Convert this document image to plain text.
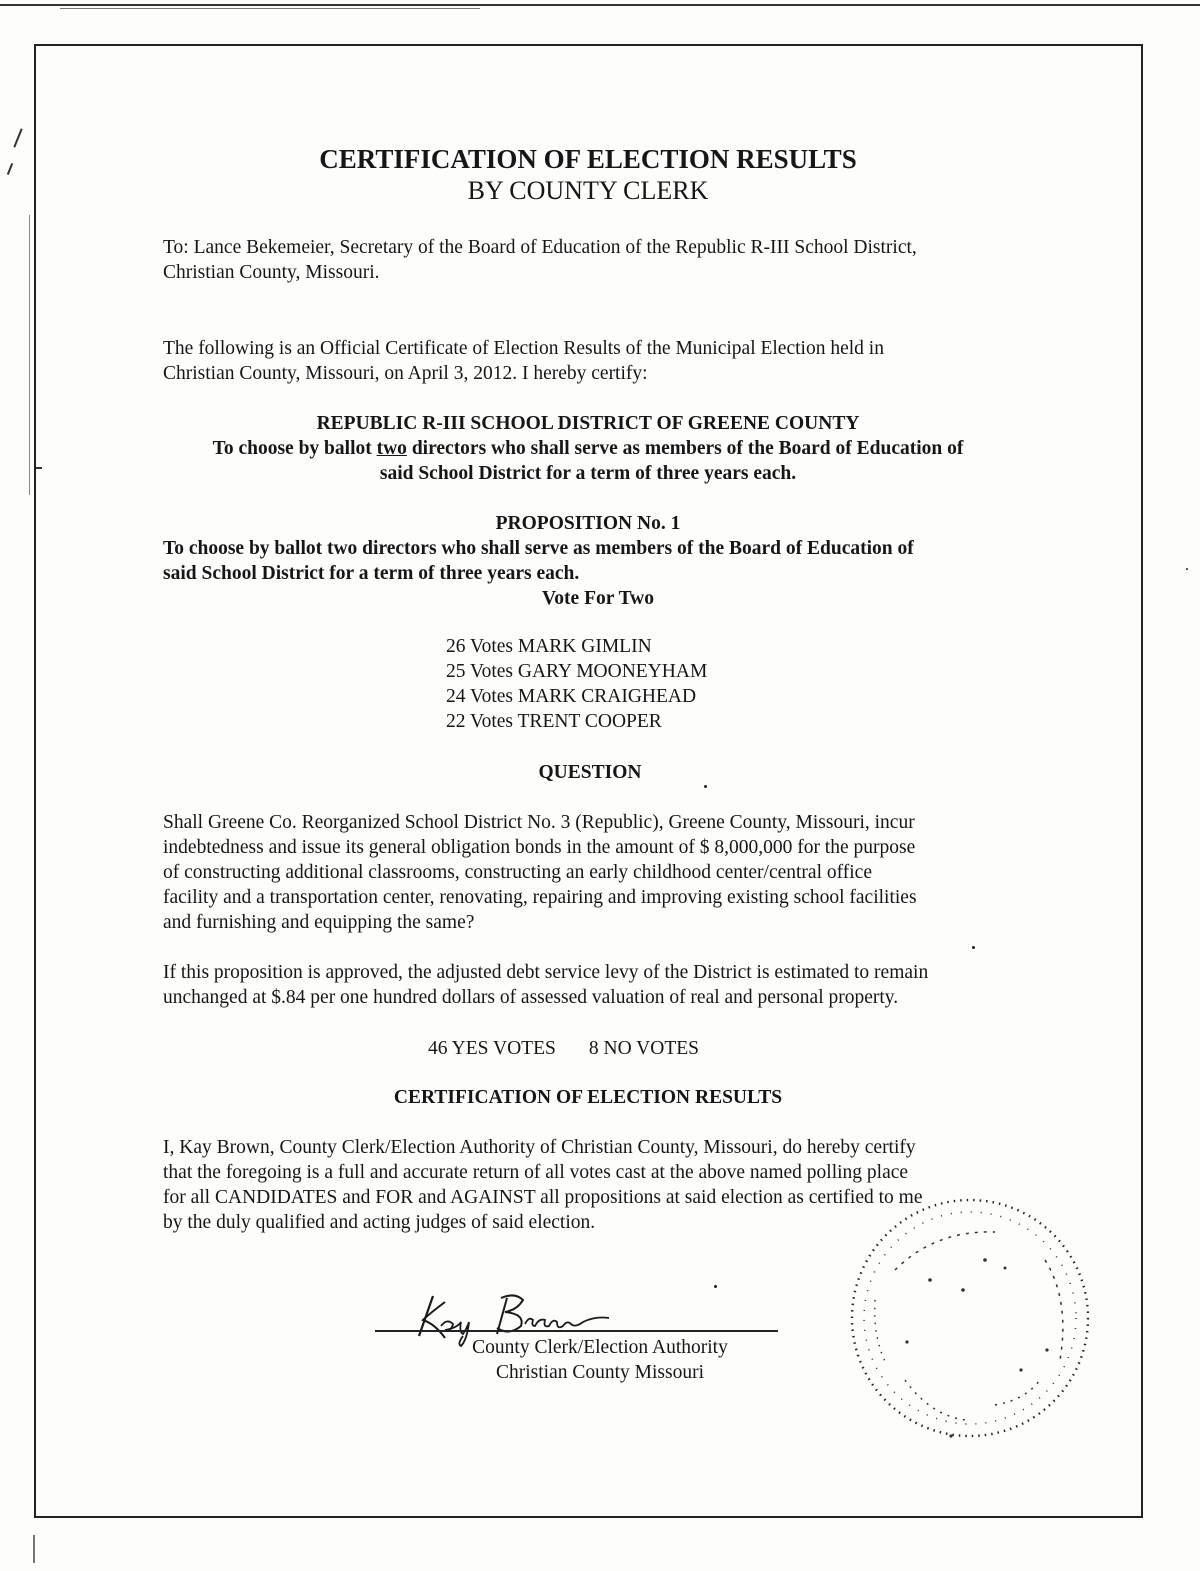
CERTIFICATION OF ELECTION RESULTS
BY COUNTY CLERK

To: Lance Bekemeier, Secretary of the Board of Education of the Republic R-III School District,

Christian County, Missouri.

The following is an Official Certificate of Election Results of the Municipal Election held in

Christian County, Missouri, on April 3, 2012. I hereby certify:

REPUBLIC R-III SCHOOL DISTRICT OF GREENE COUNTY

To choose by ballot two directors who shall serve as members of the Board of Education of

said School District for a term of three years each.

PROPOSITION No. 1

To choose by ballot two directors who shall serve as members of the Board of Education of

said School District for a term of three years each.

Vote For Two

26 Votes MARK GIMLIN

25 Votes GARY MOONEYHAM

24 Votes MARK CRAIGHEAD

22 Votes TRENT COOPER

QUESTION

Shall Greene Co. Reorganized School District No. 3 (Republic), Greene County, Missouri, incur

indebtedness and issue its general obligation bonds in the amount of $ 8,000,000 for the purpose

of constructing additional classrooms, constructing an early childhood center/central office

facility and a transportation center, renovating, repairing and improving existing school facilities

and furnishing and equipping the same?

If this proposition is approved, the adjusted debt service levy of the District is estimated to remain

unchanged at $.84 per one hundred dollars of assessed valuation of real and personal property.

46 YES VOTES 8 NO VOTES

CERTIFICATION OF ELECTION RESULTS

I, Kay Brown, County Clerk/Election Authority of Christian County, Missouri, do hereby certify

that the foregoing is a full and accurate return of all votes cast at the above named polling place

for all CANDIDATES and FOR and AGAINST all propositions at said election as certified to me

by the duly qualified and acting judges of said election.

County Clerk/Election Authority

Christian County Missouri
